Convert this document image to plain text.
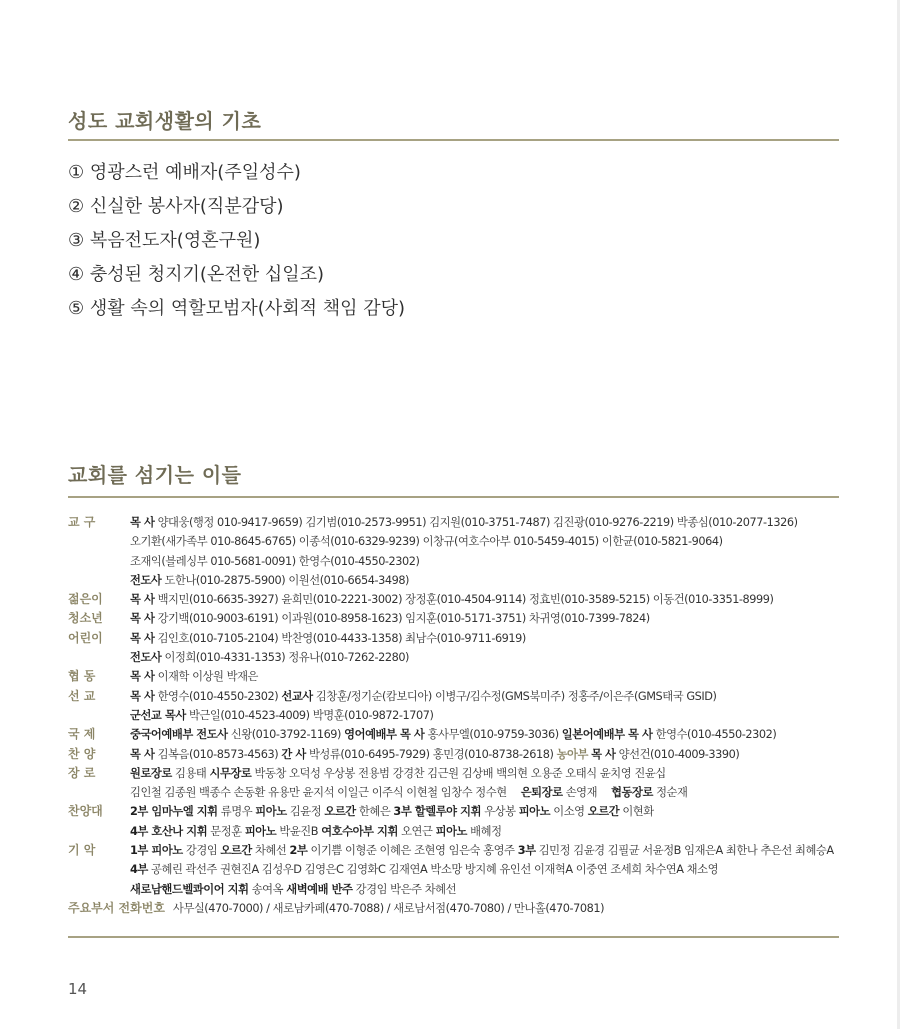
성도 교회생활의 기초
① 영광스런 예배자(주일성수)
② 신실한 봉사자(직분감당)
③ 복음전도자(영혼구원)
④ 충성된 청지기(온전한 십일조)
⑤ 생활 속의 역할모범자(사회적 책임 감당)
교회를 섬기는 이들
교 구	목 사 양대웅(행정 010-9417-9659) 김기범(010-2573-9951) 김지원(010-3751-7487) 김진광(010-9276-2219) 박종심(010-2077-1326)
오기환(새가족부 010-8645-6765) 이종석(010-6329-9239) 이창규(여호수아부 010-5459-4015) 이한균(010-5821-9064)
조재익(블레싱부 010-5681-0091) 한영수(010-4550-2302)
전도사 도한나(010-2875-5900) 이원선(010-6654-3498)
젊은이	목 사 백지민(010-6635-3927) 윤희민(010-2221-3002) 장정훈(010-4504-9114) 정효빈(010-3589-5215) 이동건(010-3351-8999)
청소년	목 사 강기백(010-9003-6191) 이과원(010-8958-1623) 임지훈(010-5171-3751) 차귀영(010-7399-7824)
어린이	목 사 김인호(010-7105-2104) 박찬영(010-4433-1358) 최남수(010-9711-6919)
전도사 이정희(010-4331-1353) 정유나(010-7262-2280)
협 동	목 사 이재학 이상원 박재은
선 교	목 사 한영수(010-4550-2302) 선교사 김창훈/정기순(캄보디아) 이병구/김수정(GMS북미주) 정홍주/이은주(GMS태국 GSID)
군선교 목사 박근일(010-4523-4009) 박명훈(010-9872-1707)
국 제	중국어예배부 전도사 신왕(010-3792-1169) 영어예배부 목 사 홍사무엘(010-9759-3036) 일본어예배부 목 사 한영수(010-4550-2302)
찬 양	목 사 김복음(010-8573-4563) 간 사 박성류(010-6495-7929) 홍민경(010-8738-2618) 농아부 목 사 양선건(010-4009-3390)
장 로	원로장로 김용태 시무장로 박동창 오덕성 우상봉 전용범 강경찬 김근원 김상배 백의현 오용준 오태식 윤치영 진윤십
김인철 김종원 백종수 손동환 유용만 윤지석 이일근 이주식 이현철 임창수 정수현 은퇴장로 손영재 협동장로 정순재
찬양대	2부 임마누엘 지휘 류명우 피아노 김윤정 오르간 한혜은 3부 할렐루야 지휘 우상봉 피아노 이소영 오르간 이현화
4부 호산나 지휘 문정훈 피아노 박윤진B 여호수아부 지휘 오연근 피아노 배혜정
기 악	1부 피아노 강경임 오르간 차혜선 2부 이기쁨 이형준 이혜은 조현영 임은숙 홍영주 3부 김민정 김윤경 김필균 서윤정B 임재은A 최한나 추은선 최혜승A
4부 공혜린 곽선주 권현진A 김성우D 김영은C 김영화C 김재연A 박소망 방지혜 유인선 이재혁A 이중연 조세희 차수연A 채소영
새로남핸드벨콰이어 지휘 송여옥 새벽예배 반주 강경임 박은주 차혜선
주요부서 전화번호 사무실(470-7000) / 새로남카페(470-7088) / 새로남서점(470-7080) / 만나홀(470-7081)
14
